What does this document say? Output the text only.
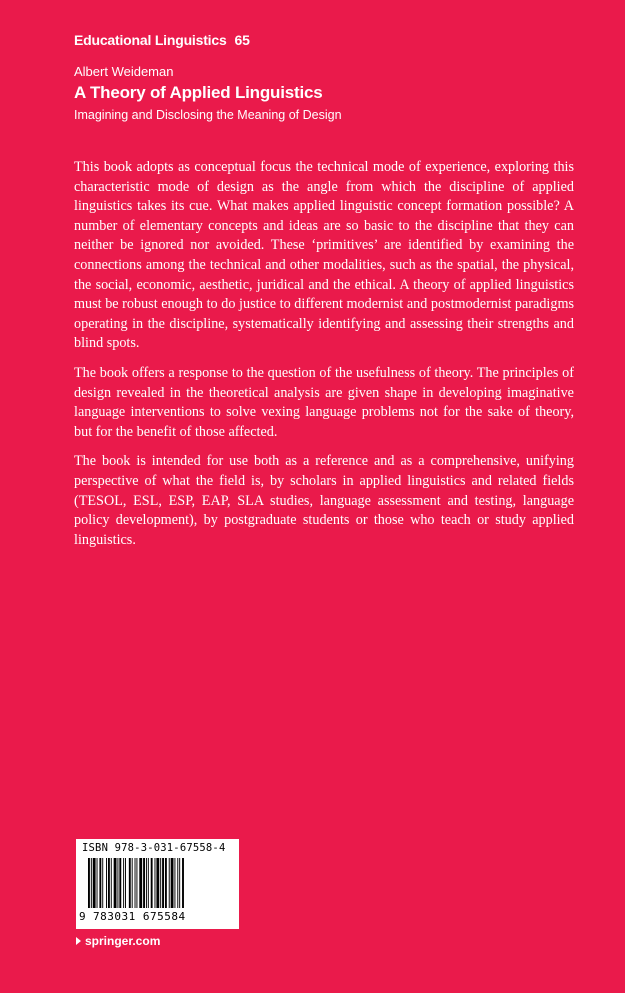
Educational Linguistics 65
Albert Weideman
A Theory of Applied Linguistics
Imagining and Disclosing the Meaning of Design

This book adopts as conceptual focus the technical mode of experience, exploring this characteristic mode of design as the angle from which the discipline of applied linguistics takes its cue. What makes applied linguistic concept formation possible? A number of elementary concepts and ideas are so basic to the discipline that they can neither be ignored nor avoided. These ‘primitives’ are identified by examining the connections among the technical and other modalities, such as the spatial, the physical, the social, economic, aesthetic, juridical and the ethical. A theory of applied linguistics must be robust enough to do justice to different modernist and postmodernist paradigms operating in the discipline, systematically identifying and assessing their strengths and blind spots.

The book offers a response to the question of the usefulness of theory. The principles of design revealed in the theoretical analysis are given shape in developing imaginative language interventions to solve vexing language problems not for the sake of theory, but for the benefit of those affected.

The book is intended for use both as a reference and as a comprehensive, unifying perspective of what the field is, by scholars in applied linguistics and related fields (TESOL, ESL, ESP, EAP, SLA studies, language assessment and testing, language policy development), by postgraduate students or those who teach or study applied linguistics.

ISBN 978-3-031-67558-4
9 783031 675584
springer.com
